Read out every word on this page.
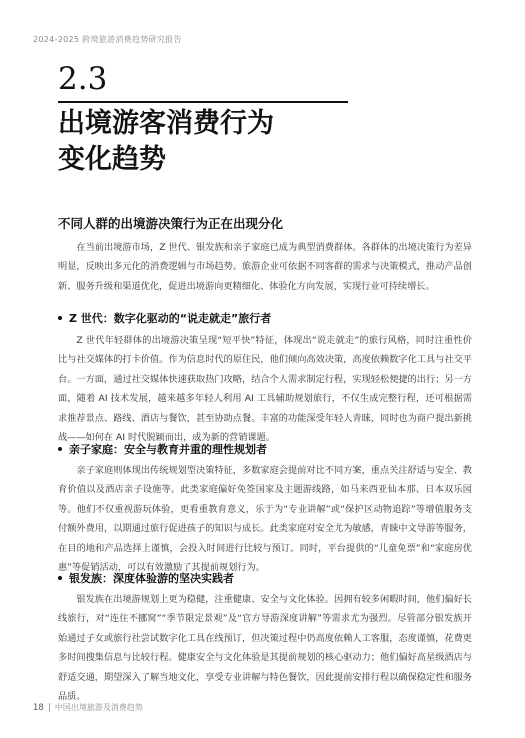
2024-2025 跨境旅游消费趋势研究报告
2.3
出境游客消费行为
变化趋势
不同人群的出境游决策行为正在出现分化

在当前出境游市场，Z 世代、银发族和亲子家庭已成为典型消费群体。各群体的出境决策行为差异明显，反映出多元化的消费逻辑与市场趋势。旅游企业可依据不同客群的需求与决策模式，推动产品创新、服务升级和渠道优化，促进出境游向更精细化、体验化方向发展，实现行业可持续增长。

Z 世代：数字化驱动的“说走就走”旅行者

Z 世代年轻群体的出境游决策呈现“短平快”特征，体现出“说走就走”的旅行风格，同时注重性价比与社交媒体的打卡价值。作为信息时代的原住民，他们倾向高效决策，高度依赖数字化工具与社交平台。一方面，通过社交媒体快速获取热门攻略，结合个人需求制定行程，实现轻松便捷的出行；另一方面，随着 AI 技术发展，越来越多年轻人利用 AI 工具辅助规划旅行，不仅生成完整行程，还可根据需求推荐景点、路线、酒店与餐饮，甚至协助点餐。丰富的功能深受年轻人青睐，同时也为商户提出新挑战——如何在 AI 时代脱颖而出，成为新的营销课题。

亲子家庭：安全与教育并重的理性规划者

亲子家庭则体现出传统规划型决策特征，多数家庭会提前对比不同方案，重点关注舒适与安全、教育价值以及酒店亲子设施等。此类家庭偏好免签国家及主题游线路，如马来西亚仙本那、日本双乐园等。他们不仅重视游玩体验，更看重教育意义，乐于为“专业讲解”或“保护区动物追踪”等增值服务支付额外费用，以期通过旅行促进孩子的知识与成长。此类家庭对安全尤为敏感，青睐中文导游等服务，在目的地和产品选择上谨慎，会投入时间进行比较与预订。同时，平台提供的“儿童免票”和“家庭房优惠”等促销活动，可以有效激励了其提前规划行为。

银发族：深度体验游的坚决实践者

银发族在出境游规划上更为稳健，注重健康、安全与文化体验。因拥有较多闲暇时间，他们偏好长线旅行，对“连住不挪窝”“季节限定景观”及“官方导游深度讲解”等需求尤为强烈。尽管部分银发族开始通过子女或旅行社尝试数字化工具在线预订，但决策过程中仍高度依赖人工客服，态度谨慎，花费更多时间搜集信息与比较行程。健康安全与文化体验是其提前规划的核心驱动力；他们偏好高星级酒店与舒适交通，期望深入了解当地文化，享受专业讲解与特色餐饮，因此提前安排行程以确保稳定性和服务品质。

18 中国出境旅游及消费趋势
